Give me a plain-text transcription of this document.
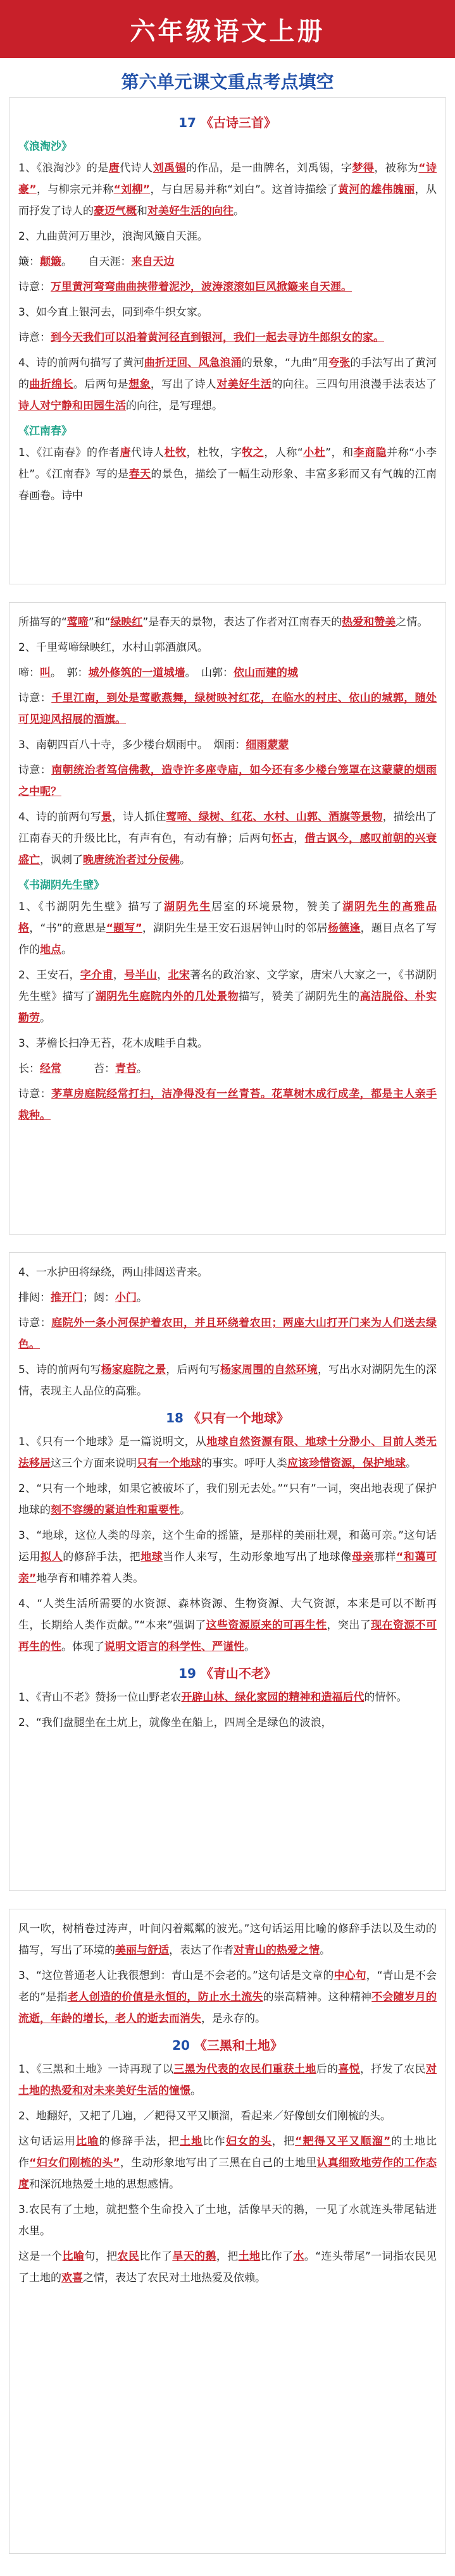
六年级语文上册
第六单元课文重点考点填空
17 《古诗三首》
《浪淘沙》

1、《浪淘沙》的是唐代诗人刘禹锡的作品，是一曲牌名，刘禹锡，字梦得，被称为“诗豪”，与柳宗元并称“刘柳”，与白居易并称“刘白”。这首诗描绘了黄河的雄伟魄丽，从而抒发了诗人的豪迈气概和对美好生活的向往。

2、九曲黄河万里沙，浪淘风簸自天涯。

簸：颠簸。　　自天涯：来自天边

诗意：万里黄河弯弯曲曲挟带着泥沙，波涛滚滚如巨风掀簸来自天涯。

3、如今直上银河去，同到牵牛织女家。

诗意：到今天我们可以沿着黄河径直到银河，我们一起去寻访牛郎织女的家。

4、诗的前两句描写了黄河曲折迂回、风急浪涌的景象，“九曲”用夸张的手法写出了黄河的曲折绵长。后两句是想象，写出了诗人对美好生活的向往。三四句用浪漫手法表达了诗人对宁静和田园生活的向往，是写理想。

《江南春》

1、《江南春》的作者唐代诗人杜牧，杜牧，字牧之，人称“小杜”，和李商隐并称“小李杜”。《江南春》写的是春天的景色，描绘了一幅生动形象、丰富多彩而又有气魄的江南春画卷。诗中

所描写的“莺啼”和“绿映红”是春天的景物，表达了作者对江南春天的热爱和赞美之情。

2、千里莺啼绿映红，水村山郭酒旗风。

啼：叫。　郭：城外修筑的一道城墙。　山郭：依山而建的城

诗意：千里江南，到处是莺歌燕舞，绿树映衬红花，在临水的村庄、依山的城郭，随处可见迎风招展的酒旗。

3、南朝四百八十寺，多少楼台烟雨中。　烟雨：细雨蒙蒙

诗意：南朝统治者笃信佛教，造寺许多座寺庙，如今还有多少楼台笼罩在这蒙蒙的烟雨之中呢？

4、诗的前两句写景，诗人抓住莺啼、绿树、红花、水村、山郭、酒旗等景物，描绘出了江南春天的升级比比，有声有色，有动有静；后两句怀古，借古讽今，感叹前朝的兴衰盛亡，讽刺了晚唐统治者过分佞佛。

《书湖阴先生壁》

1、《书湖阴先生壁》描写了湖阴先生居室的环境景物，赞美了湖阴先生的高雅品格，“书”的意思是“题写”，湖阴先生是王安石退居钟山时的邻居杨德逢，题目点名了写作的地点。

2、王安石，字介甫，号半山，北宋著名的政治家、文学家，唐宋八大家之一，《书湖阴先生壁》描写了湖阴先生庭院内外的几处景物描写，赞美了湖阴先生的高洁脱俗、朴实勤劳。

3、茅檐长扫净无苔，花木成畦手自栽。

长：经常　　　苔：青苔。

诗意：茅草房庭院经常打扫，洁净得没有一丝青苔。花草树木成行成垄，都是主人亲手栽种。

4、一水护田将绿绕，两山排闼送青来。

排闼：推开门；闼：小门。

诗意：庭院外一条小河保护着农田，并且环绕着农田；两座大山打开门来为人们送去绿色。

5、诗的前两句写杨家庭院之景，后两句写杨家周围的自然环境，写出水对湖阴先生的深情，表现主人品位的高雅。

18 《只有一个地球》

1、《只有一个地球》是一篇说明文，从地球自然资源有限、地球十分渺小、目前人类无法移居这三个方面来说明只有一个地球的事实。呼吁人类应该珍惜资源，保护地球。

2、“只有一个地球，如果它被破坏了，我们别无去处。”“只有”一词，突出地表现了保护地球的刻不容缓的紧迫性和重要性。

3、“地球，这位人类的母亲，这个生命的摇篮，是那样的美丽壮观，和蔼可亲。”这句话运用拟人的修辞手法，把地球当作人来写，生动形象地写出了地球像母亲那样“和蔼可亲”地孕育和哺养着人类。

4、“人类生活所需要的水资源、森林资源、生物资源、大气资源，本来是可以不断再生，长期给人类作贡献。”“本来”强调了这些资源原来的可再生性，突出了现在资源不可再生的性。体现了说明文语言的科学性、严谨性。

19 《青山不老》

1、《青山不老》赞扬一位山野老农开辟山林、绿化家园的精神和造福后代的情怀。

2、“我们盘腿坐在土炕上，就像坐在船上，四周全是绿色的波浪，

风一吹，树梢卷过涛声，叶间闪着粼粼的波光。”这句话运用比喻的修辞手法以及生动的描写，写出了环境的美丽与舒适，表达了作者对青山的热爱之情。

3、“这位普通老人让我很想到：青山是不会老的。”这句话是文章的中心句，“青山是不会老的”是指老人创造的价值是永恒的，防止水土流失的崇高精神。这种精神不会随岁月的流逝，年龄的增长，老人的逝去而消失，是永存的。

20 《三黑和土地》

1、《三黑和土地》一诗再现了以三黑为代表的农民们重获土地后的喜悦，抒发了农民对土地的热爱和对未来美好生活的憧憬。

2、地翻好，又耙了几遍，／耙得又平又顺溜，看起来／好像刨女们刚梳的头。

这句话运用比喻的修辞手法，把土地比作妇女的头，把“耙得又平又顺溜”的土地比作“妇女们刚梳的头”，生动形象地写出了三黑在自己的土地里认真细致地劳作的工作态度和深沉地热爱土地的思想感情。

3.农民有了土地，就把整个生命投入了土地，活像早天的鹅，一见了水就连头带尾钻进水里。

这是一个比喻句，把农民比作了旱天的鹅，把土地比作了水。“连头带尾”一词指农民见了土地的欢喜之情，表达了农民对土地热爱及依赖。
